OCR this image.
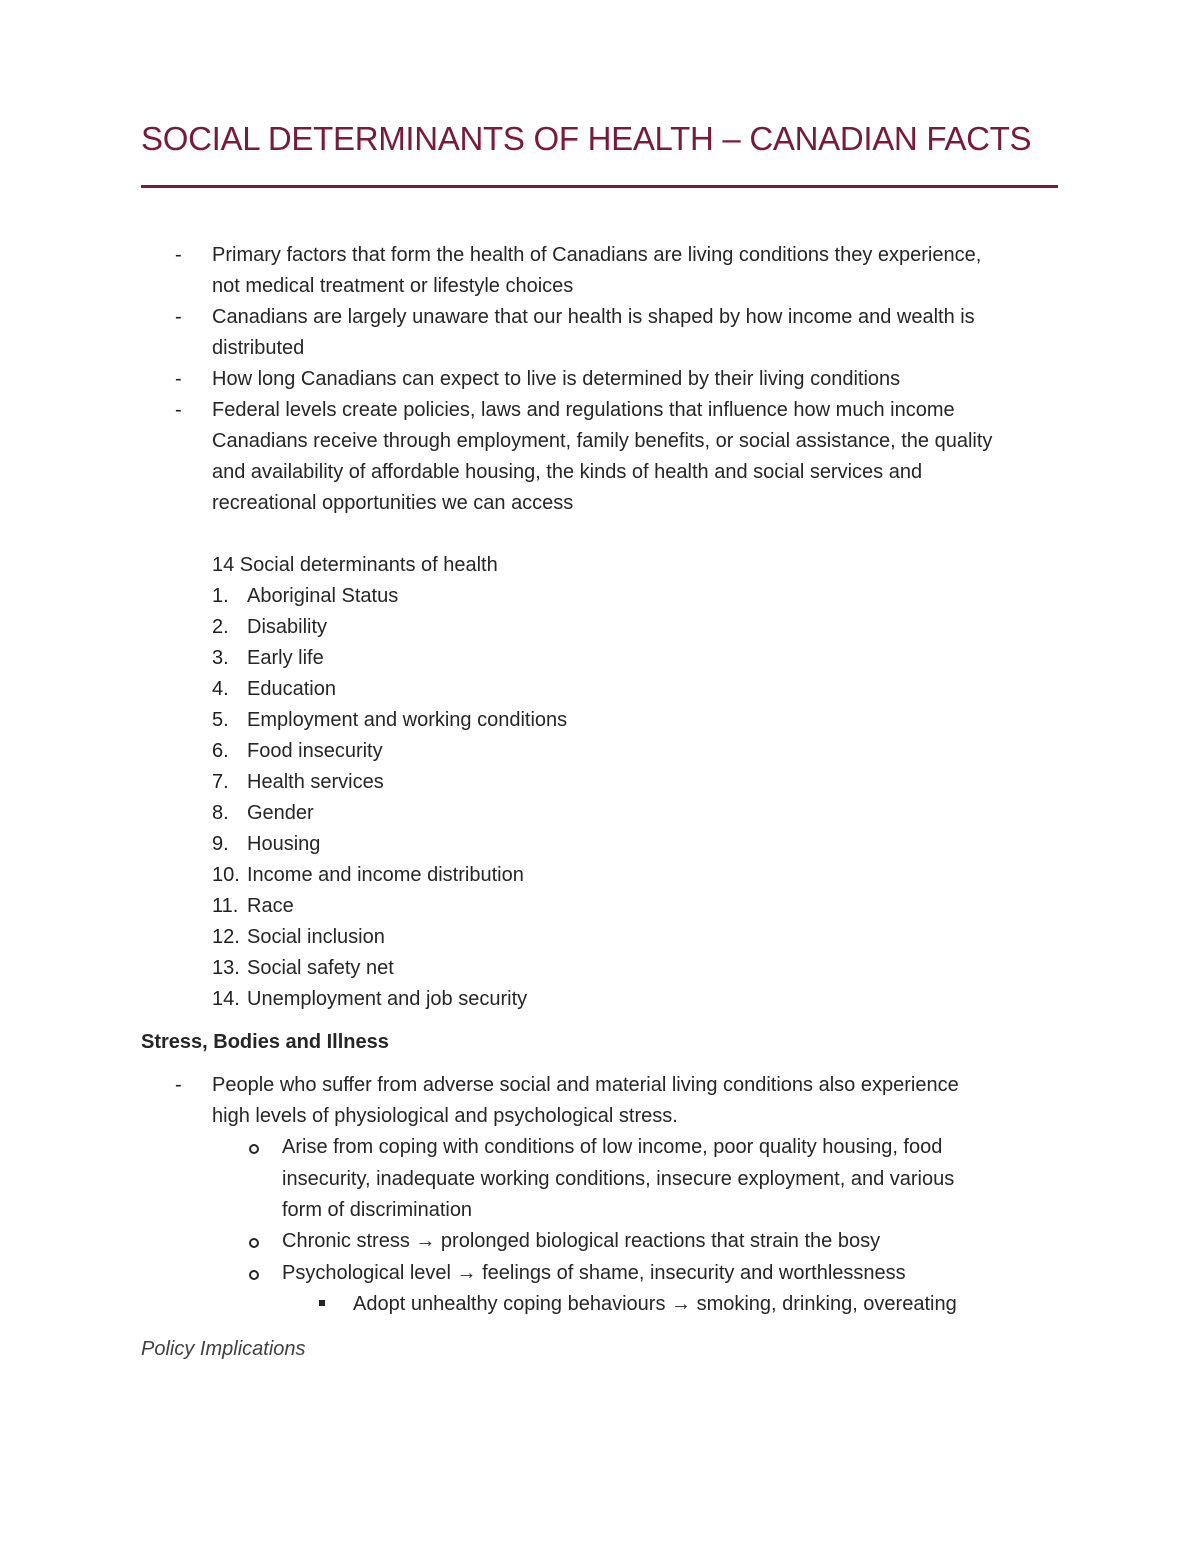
SOCIAL DETERMINANTS OF HEALTH – CANADIAN FACTS
- Primary factors that form the health of Canadians are living conditions they experience,
not medical treatment or lifestyle choices
- Canadians are largely unaware that our health is shaped by how income and wealth is
distributed
- How long Canadians can expect to live is determined by their living conditions
- Federal levels create policies, laws and regulations that influence how much income
Canadians receive through employment, family benefits, or social assistance, the quality
and availability of affordable housing, the kinds of health and social services and
recreational opportunities we can access
14 Social determinants of health
1. Aboriginal Status
2. Disability
3. Early life
4. Education
5. Employment and working conditions
6. Food insecurity
7. Health services
8. Gender
9. Housing
10. Income and income distribution
11. Race
12. Social inclusion
13. Social safety net
14. Unemployment and job security
Stress, Bodies and Illness
- People who suffer from adverse social and material living conditions also experience
high levels of physiological and psychological stress.
Arise from coping with conditions of low income, poor quality housing, food
insecurity, inadequate working conditions, insecure exployment, and various
form of discrimination
Chronic stress → prolonged biological reactions that strain the bosy
Psychological level → feelings of shame, insecurity and worthlessness
Adopt unhealthy coping behaviours → smoking, drinking, overeating
Policy Implications
